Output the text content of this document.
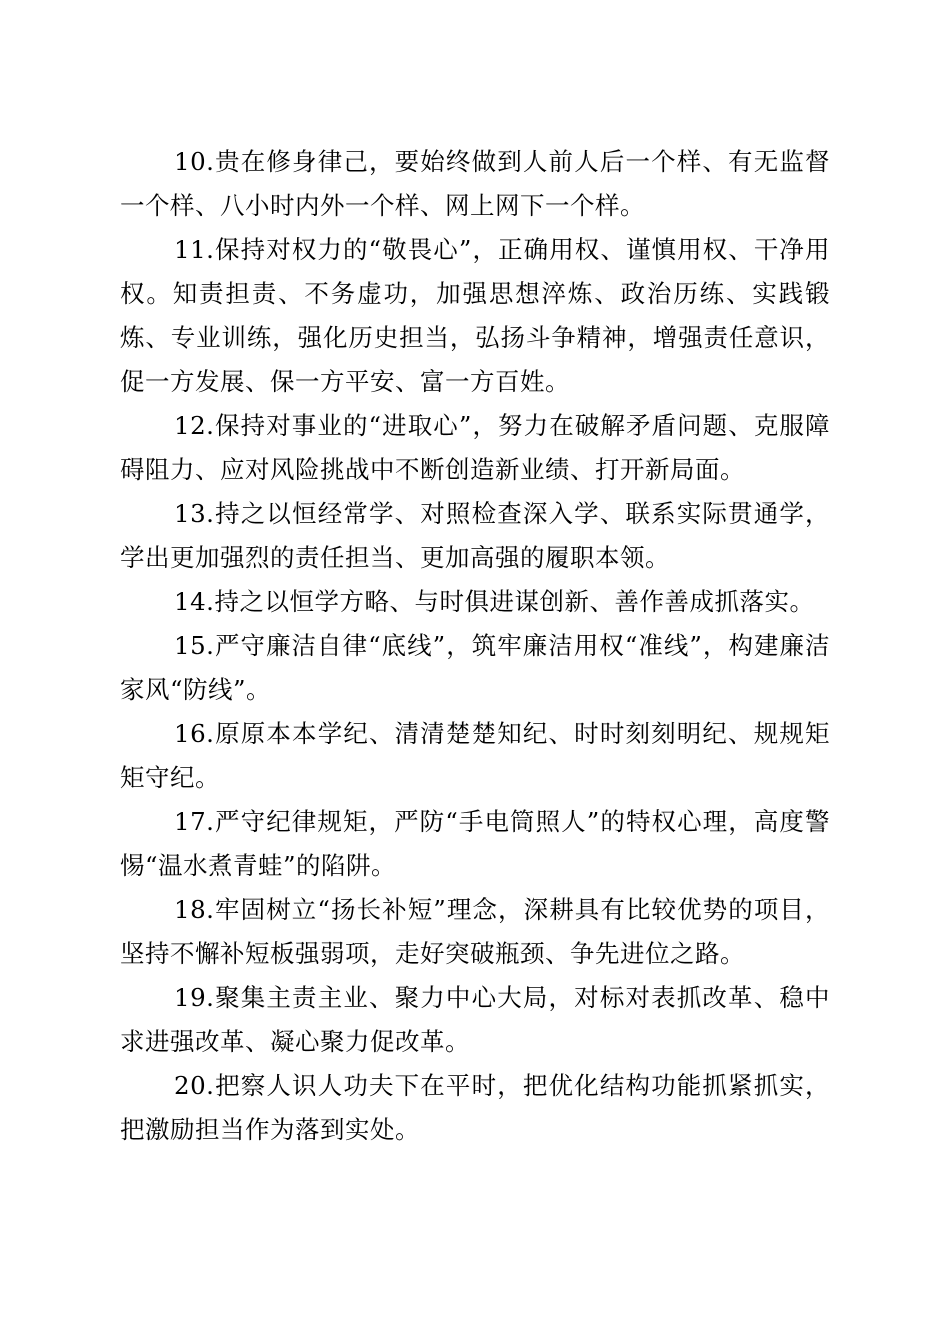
10.贵在修身律己，要始终做到人前人后一个样、有无监督一个样、八小时内外一个样、网上网下一个样。

11.保持对权力的“敬畏心”，正确用权、谨慎用权、干净用权。知责担责、不务虚功，加强思想淬炼、政治历练、实践锻炼、专业训练，强化历史担当，弘扬斗争精神，增强责任意识，促一方发展、保一方平安、富一方百姓。

12.保持对事业的“进取心”，努力在破解矛盾问题、克服障碍阻力、应对风险挑战中不断创造新业绩、打开新局面。

13.持之以恒经常学、对照检查深入学、联系实际贯通学，学出更加强烈的责任担当、更加高强的履职本领。

14.持之以恒学方略、与时俱进谋创新、善作善成抓落实。

15.严守廉洁自律“底线”，筑牢廉洁用权“准线”，构建廉洁家风“防线”。

16.原原本本学纪、清清楚楚知纪、时时刻刻明纪、规规矩矩守纪。

17.严守纪律规矩，严防“手电筒照人”的特权心理，高度警惕“温水煮青蛙”的陷阱。

18.牢固树立“扬长补短”理念，深耕具有比较优势的项目，坚持不懈补短板强弱项，走好突破瓶颈、争先进位之路。

19.聚集主责主业、聚力中心大局，对标对表抓改革、稳中求进强改革、凝心聚力促改革。

20.把察人识人功夫下在平时，把优化结构功能抓紧抓实，把激励担当作为落到实处。
